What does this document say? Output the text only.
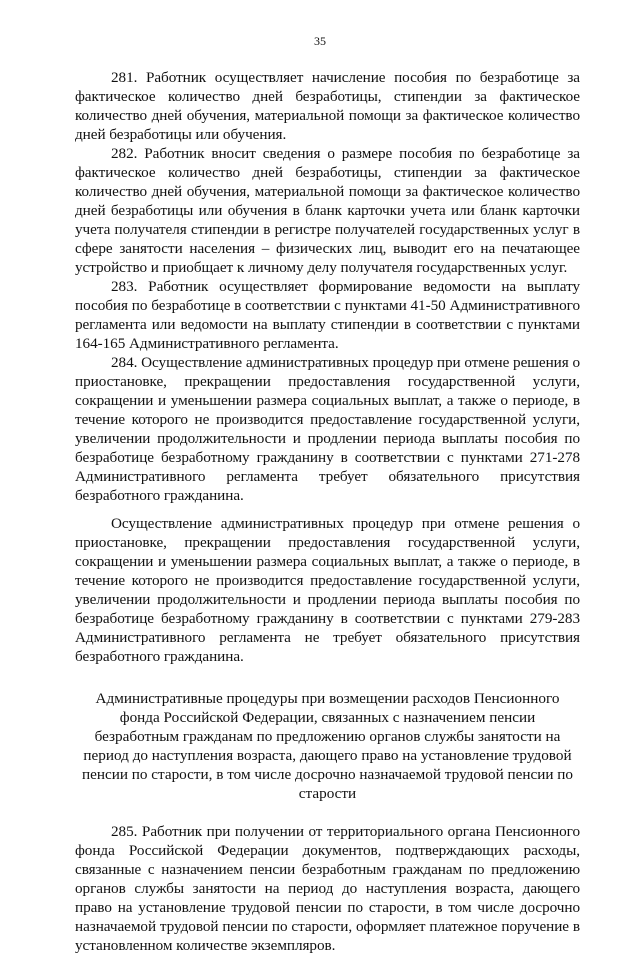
35

281. Работник осуществляет начисление пособия по безработице за фактическое количество дней безработицы, стипендии за фактическое количество дней обучения, материальной помощи за фактическое количество дней безработицы или обучения.

282. Работник вносит сведения о размере пособия по безработице за фактическое количество дней безработицы, стипендии за фактическое количество дней обучения, материальной помощи за фактическое количество дней безработицы или обучения в бланк карточки учета или бланк карточки учета получателя стипендии в регистре получателей государственных услуг в сфере занятости населения – физических лиц, выводит его на печатающее устройство и приобщает к личному делу получателя государственных услуг.

283. Работник осуществляет формирование ведомости на выплату пособия по безработице в соответствии с пунктами 41-50 Административного регламента или ведомости на выплату стипендии в соответствии с пунктами 164-165 Административного регламента.

284. Осуществление административных процедур при отмене решения о приостановке, прекращении предоставления государственной услуги, сокращении и уменьшении размера социальных выплат, а также о периоде, в течение которого не производится предоставление государственной услуги, увеличении продолжительности и продлении периода выплаты пособия по безработице безработному гражданину в соответствии с пунктами 271-278 Административного регламента требует обязательного присутствия безработного гражданина.

Осуществление административных процедур при отмене решения о приостановке, прекращении предоставления государственной услуги, сокращении и уменьшении размера социальных выплат, а также о периоде, в течение которого не производится предоставление государственной услуги, увеличении продолжительности и продлении периода выплаты пособия по безработице безработному гражданину в соответствии с пунктами 279-283 Административного регламента не требует обязательного присутствия безработного гражданина.

Административные процедуры при возмещении расходов Пенсионного фонда Российской Федерации, связанных с назначением пенсии безработным гражданам по предложению органов службы занятости на период до наступления возраста, дающего право на установление трудовой пенсии по старости, в том числе досрочно назначаемой трудовой пенсии по старости

285. Работник при получении от территориального органа Пенсионного фонда Российской Федерации документов, подтверждающих расходы, связанные с назначением пенсии безработным гражданам по предложению органов службы занятости на период до наступления возраста, дающего право на установление трудовой пенсии по старости, в том числе досрочно назначаемой трудовой пенсии по старости, оформляет платежное поручение в установленном количестве экземпляров.
